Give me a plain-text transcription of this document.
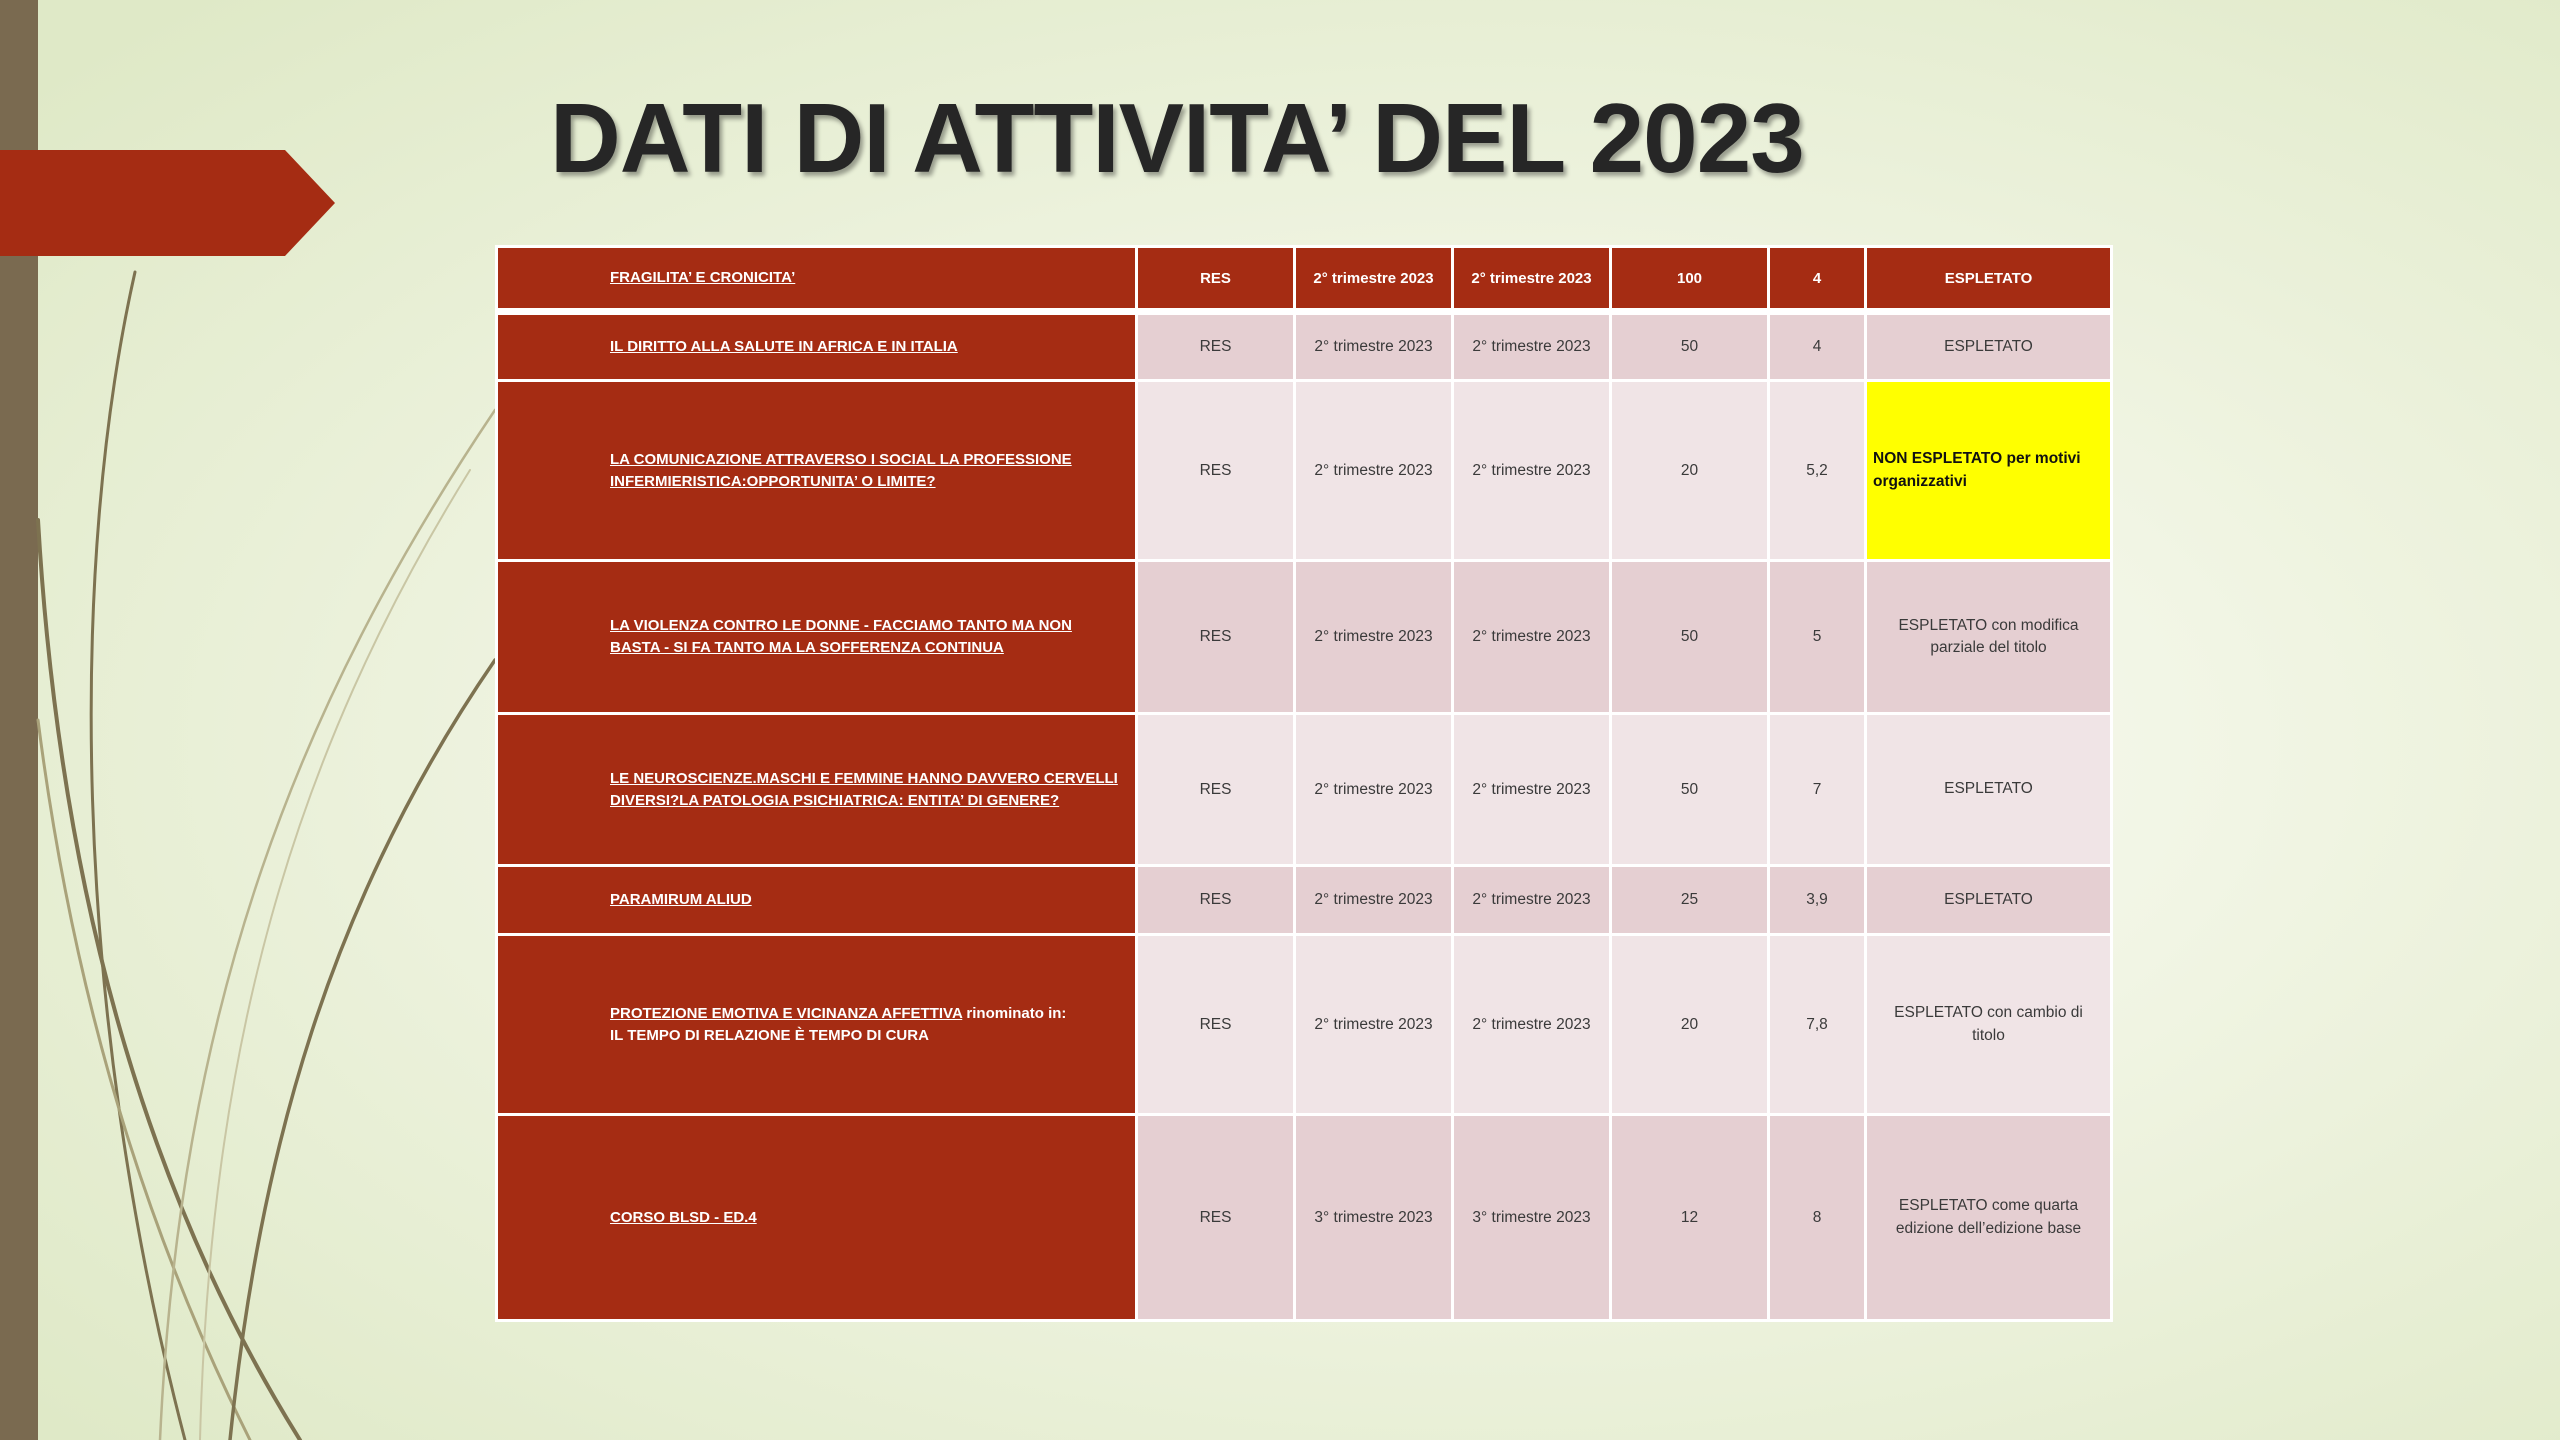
DATI DI ATTIVITA’ DEL 2023
FRAGILITA’ E CRONICITA’	RES	2° trimestre 2023	2° trimestre 2023	100	4	ESPLETATO
IL DIRITTO ALLA SALUTE IN AFRICA E IN ITALIA	RES	2° trimestre 2023	2° trimestre 2023	50	4	ESPLETATO
LA COMUNICAZIONE ATTRAVERSO I SOCIAL LA PROFESSIONE INFERMIERISTICA:OPPORTUNITA’ O LIMITE?	RES	2° trimestre 2023	2° trimestre 2023	20	5,2	NON ESPLETATO per motivi organizzativi
LA VIOLENZA CONTRO LE DONNE - FACCIAMO TANTO MA NON BASTA - SI FA TANTO MA LA SOFFERENZA CONTINUA	RES	2° trimestre 2023	2° trimestre 2023	50	5	ESPLETATO con modifica parziale del titolo
LE NEUROSCIENZE.MASCHI E FEMMINE HANNO DAVVERO CERVELLI DIVERSI?LA PATOLOGIA PSICHIATRICA: ENTITA’ DI GENERE?	RES	2° trimestre 2023	2° trimestre 2023	50	7	ESPLETATO
PARAMIRUM ALIUD	RES	2° trimestre 2023	2° trimestre 2023	25	3,9	ESPLETATO
PROTEZIONE EMOTIVA E VICINANZA AFFETTIVA rinominato in:
IL TEMPO DI RELAZIONE È TEMPO DI CURA	RES	2° trimestre 2023	2° trimestre 2023	20	7,8	ESPLETATO con cambio di titolo
CORSO BLSD - ED.4	RES	3° trimestre 2023	3° trimestre 2023	12	8	ESPLETATO come quarta edizione dell’edizione base
